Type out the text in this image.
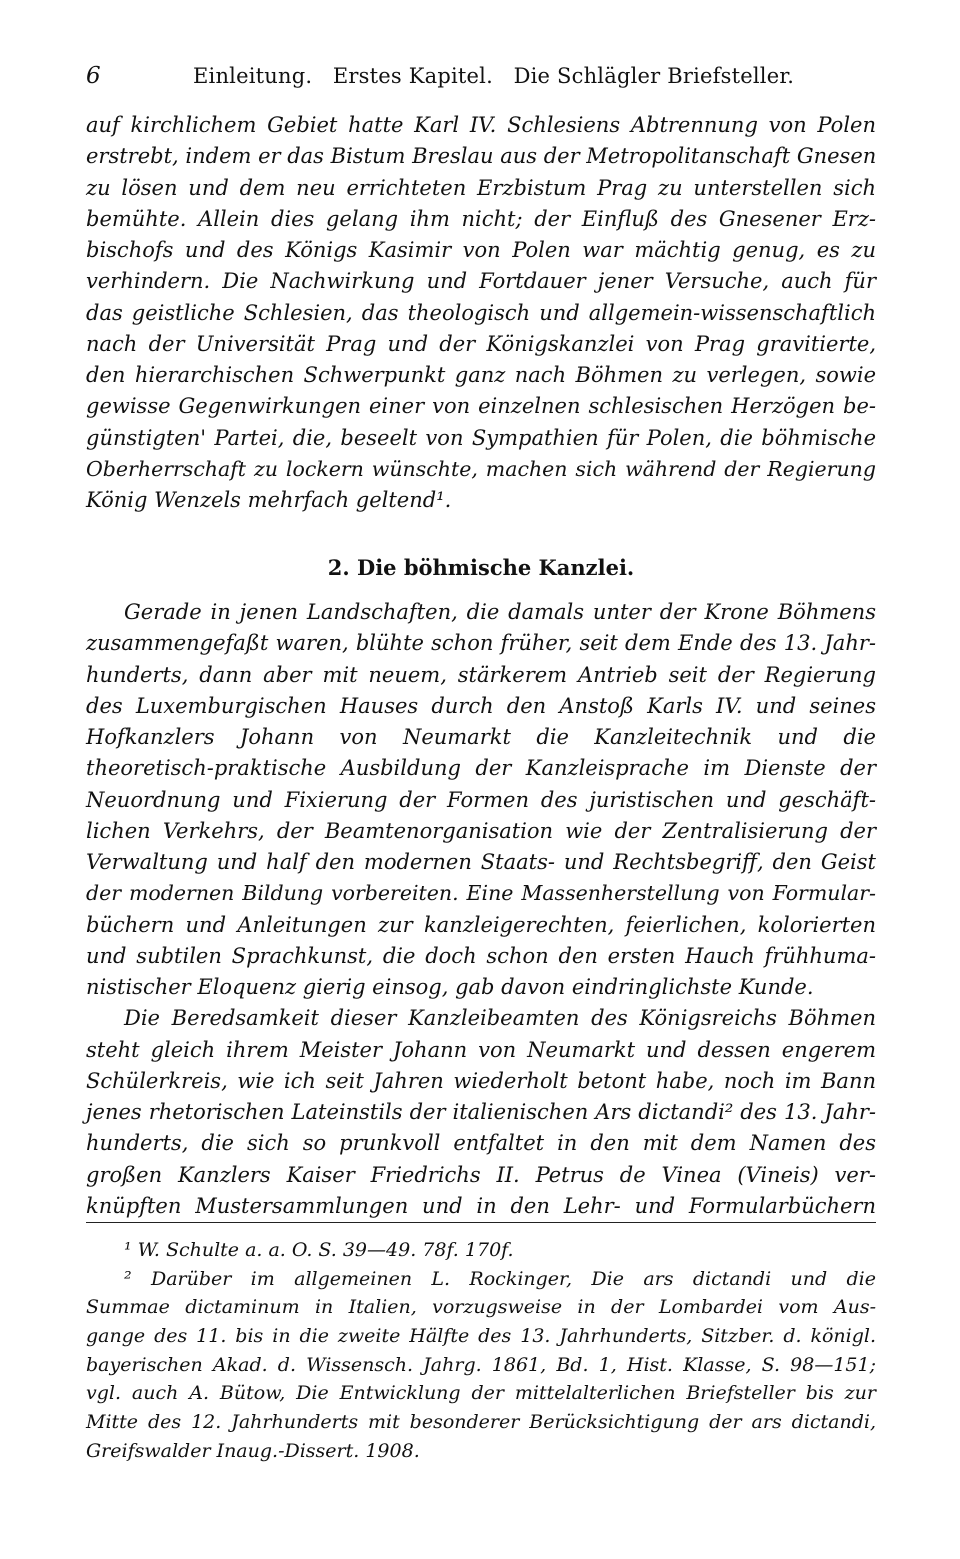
6	Einleitung.   Erstes Kapitel.   Die Schlägler Briefsteller.
auf kirchlichem Gebiet hatte Karl IV. Schlesiens Abtrennung von Polen
erstrebt, indem er das Bistum Breslau aus der Metropolitanschaft Gnesen
zu lösen und dem neu errichteten Erzbistum Prag zu unterstellen sich
bemühte. Allein dies gelang ihm nicht; der Einfluß des Gnesener Erz-
bischofs und des Königs Kasimir von Polen war mächtig genug, es zu
verhindern. Die Nachwirkung und Fortdauer jener Versuche, auch für
das geistliche Schlesien, das theologisch und allgemein-wissenschaftlich
nach der Universität Prag und der Königskanzlei von Prag gravitierte,
den hierarchischen Schwerpunkt ganz nach Böhmen zu verlegen, sowie
gewisse Gegenwirkungen einer von einzelnen schlesischen Herzögen be-
günstigten' Partei, die, beseelt von Sympathien für Polen, die böhmische
Oberherrschaft zu lockern wünschte, machen sich während der Regierung
König Wenzels mehrfach geltend¹.
2. Die böhmische Kanzlei.
Gerade in jenen Landschaften, die damals unter der Krone Böhmens
zusammengefaßt waren, blühte schon früher, seit dem Ende des 13. Jahr-
hunderts, dann aber mit neuem, stärkerem Antrieb seit der Regierung
des Luxemburgischen Hauses durch den Anstoß Karls IV. und seines
Hofkanzlers Johann von Neumarkt die Kanzleitechnik und die
theoretisch-praktische Ausbildung der Kanzleisprache im Dienste der
Neuordnung und Fixierung der Formen des juristischen und geschäft-
lichen Verkehrs, der Beamtenorganisation wie der Zentralisierung der
Verwaltung und half den modernen Staats- und Rechtsbegriff, den Geist
der modernen Bildung vorbereiten. Eine Massenherstellung von Formular-
büchern und Anleitungen zur kanzleigerechten, feierlichen, kolorierten
und subtilen Sprachkunst, die doch schon den ersten Hauch frühhuma-
nistischer Eloquenz gierig einsog, gab davon eindringlichste Kunde.
Die Beredsamkeit dieser Kanzleibeamten des Königsreichs Böhmen
steht gleich ihrem Meister Johann von Neumarkt und dessen engerem
Schülerkreis, wie ich seit Jahren wiederholt betont habe, noch im Bann
jenes rhetorischen Lateinstils der italienischen Ars dictandi² des 13. Jahr-
hunderts, die sich so prunkvoll entfaltet in den mit dem Namen des
großen Kanzlers Kaiser Friedrichs II. Petrus de Vinea (Vineis) ver-
knüpften Mustersammlungen und in den Lehr- und Formularbüchern
¹ W. Schulte a. a. O. S. 39—49. 78f. 170f.
² Darüber im allgemeinen L. Rockinger, Die ars dictandi und die
Summae dictaminum in Italien, vorzugsweise in der Lombardei vom Aus-
gange des 11. bis in die zweite Hälfte des 13. Jahrhunderts, Sitzber. d. königl.
bayerischen Akad. d. Wissensch. Jahrg. 1861, Bd. 1, Hist. Klasse, S. 98—151;
vgl. auch A. Bütow, Die Entwicklung der mittelalterlichen Briefsteller bis zur
Mitte des 12. Jahrhunderts mit besonderer Berücksichtigung der ars dictandi,
Greifswalder Inaug.-Dissert. 1908.
